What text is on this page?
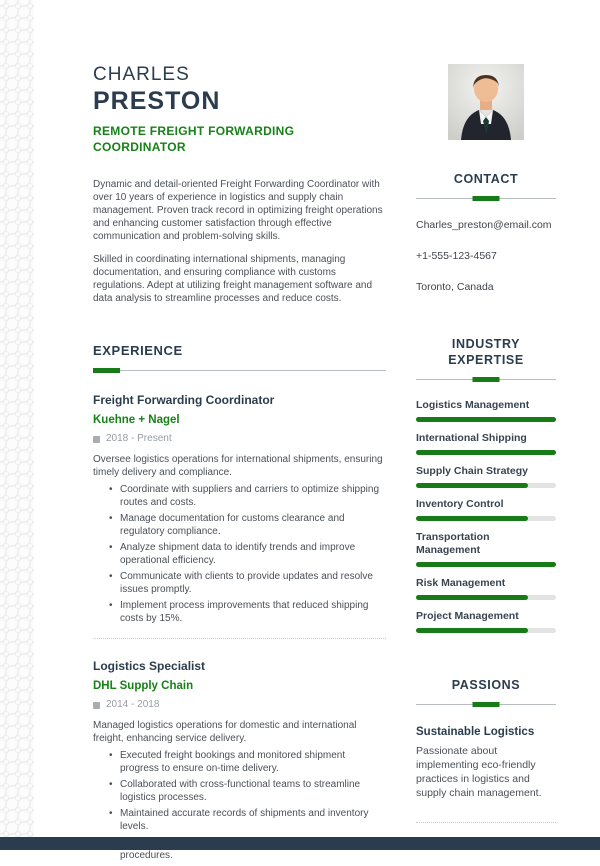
CHARLES
PRESTON
REMOTE FREIGHT FORWARDING COORDINATOR

Dynamic and detail-oriented Freight Forwarding Coordinator with over 10 years of experience in logistics and supply chain management. Proven track record in optimizing freight operations and enhancing customer satisfaction through effective communication and problem-solving skills.

Skilled in coordinating international shipments, managing documentation, and ensuring compliance with customs regulations. Adept at utilizing freight management software and data analysis to streamline processes and reduce costs.

EXPERIENCE
Freight Forwarding Coordinator
Kuehne + Nagel
2018 - Present
Oversee logistics operations for international shipments, ensuring timely delivery and compliance.
• Coordinate with suppliers and carriers to optimize shipping routes and costs.
• Manage documentation for customs clearance and regulatory compliance.
• Analyze shipment data to identify trends and improve operational efficiency.
• Communicate with clients to provide updates and resolve issues promptly.
• Implement process improvements that reduced shipping costs by 15%.
Logistics Specialist
DHL Supply Chain
2014 - 2018
Managed logistics operations for domestic and international freight, enhancing service delivery.
• Executed freight bookings and monitored shipment progress to ensure on-time delivery.
• Collaborated with cross-functional teams to streamline logistics processes.
• Maintained accurate records of shipments and inventory levels.
• procedures.
CONTACT
Charles_preston@email.com
+1-555-123-4567
Toronto, Canada
INDUSTRY EXPERTISE
Logistics Management
International Shipping
Supply Chain Strategy
Inventory Control
Transportation Management
Risk Management
Project Management
PASSIONS
Sustainable Logistics
Passionate about implementing eco-friendly practices in logistics and supply chain management.
